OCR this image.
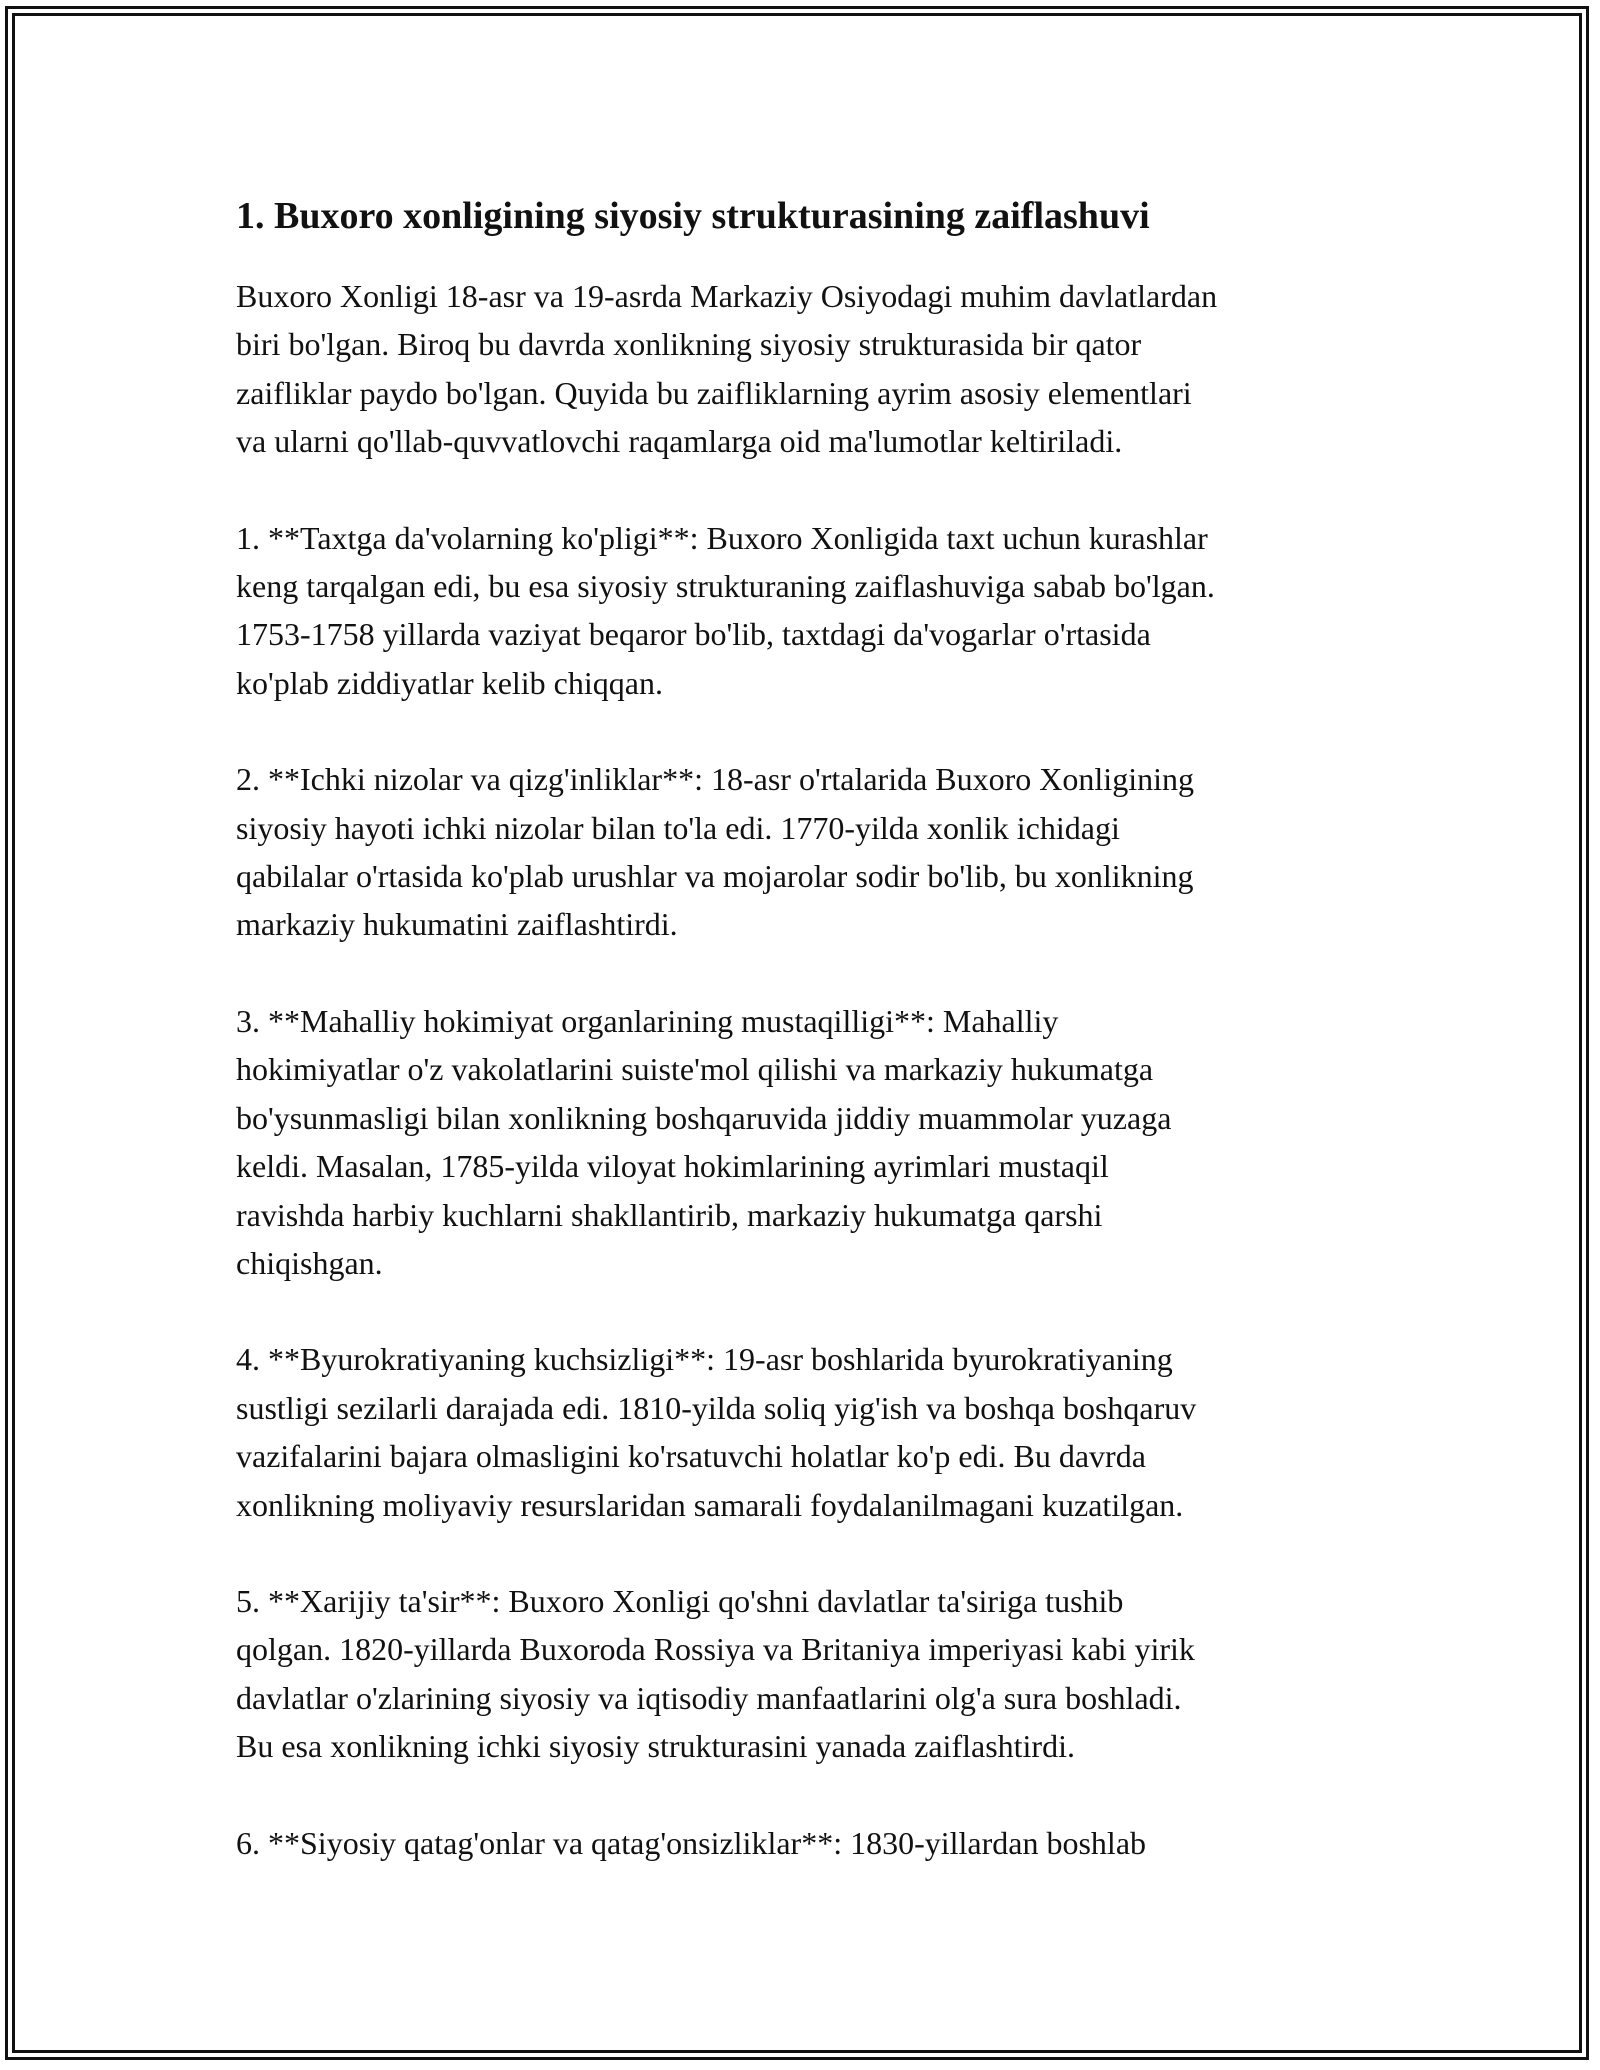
1. Buxoro xonligining siyosiy strukturasining zaiflashuvi

Buxoro Xonligi 18-asr va 19-asrda Markaziy Osiyodagi muhim davlatlardan
biri bo'lgan. Biroq bu davrda xonlikning siyosiy strukturasida bir qator
zaifliklar paydo bo'lgan. Quyida bu zaifliklarning ayrim asosiy elementlari
va ularni qo'llab-quvvatlovchi raqamlarga oid ma'lumotlar keltiriladi.

1. **Taxtga da'volarning ko'pligi**: Buxoro Xonligida taxt uchun kurashlar
keng tarqalgan edi, bu esa siyosiy strukturaning zaiflashuviga sabab bo'lgan.
1753-1758 yillarda vaziyat beqaror bo'lib, taxtdagi da'vogarlar o'rtasida
ko'plab ziddiyatlar kelib chiqqan.

2. **Ichki nizolar va qizg'inliklar**: 18-asr o'rtalarida Buxoro Xonligining
siyosiy hayoti ichki nizolar bilan to'la edi. 1770-yilda xonlik ichidagi
qabilalar o'rtasida ko'plab urushlar va mojarolar sodir bo'lib, bu xonlikning
markaziy hukumatini zaiflashtirdi.

3. **Mahalliy hokimiyat organlarining mustaqilligi**: Mahalliy
hokimiyatlar o'z vakolatlarini suiste'mol qilishi va markaziy hukumatga
bo'ysunmasligi bilan xonlikning boshqaruvida jiddiy muammolar yuzaga
keldi. Masalan, 1785-yilda viloyat hokimlarining ayrimlari mustaqil
ravishda harbiy kuchlarni shakllantirib, markaziy hukumatga qarshi
chiqishgan.

4. **Byurokratiyaning kuchsizligi**: 19-asr boshlarida byurokratiyaning
sustligi sezilarli darajada edi. 1810-yilda soliq yig'ish va boshqa boshqaruv
vazifalarini bajara olmasligini ko'rsatuvchi holatlar ko'p edi. Bu davrda
xonlikning moliyaviy resurslaridan samarali foydalanilmagani kuzatilgan.

5. **Xarijiy ta'sir**: Buxoro Xonligi qo'shni davlatlar ta'siriga tushib
qolgan. 1820-yillarda Buxoroda Rossiya va Britaniya imperiyasi kabi yirik
davlatlar o'zlarining siyosiy va iqtisodiy manfaatlarini olg'a sura boshladi.
Bu esa xonlikning ichki siyosiy strukturasini yanada zaiflashtirdi.

6. **Siyosiy qatag'onlar va qatag'onsizliklar**: 1830-yillardan boshlab
